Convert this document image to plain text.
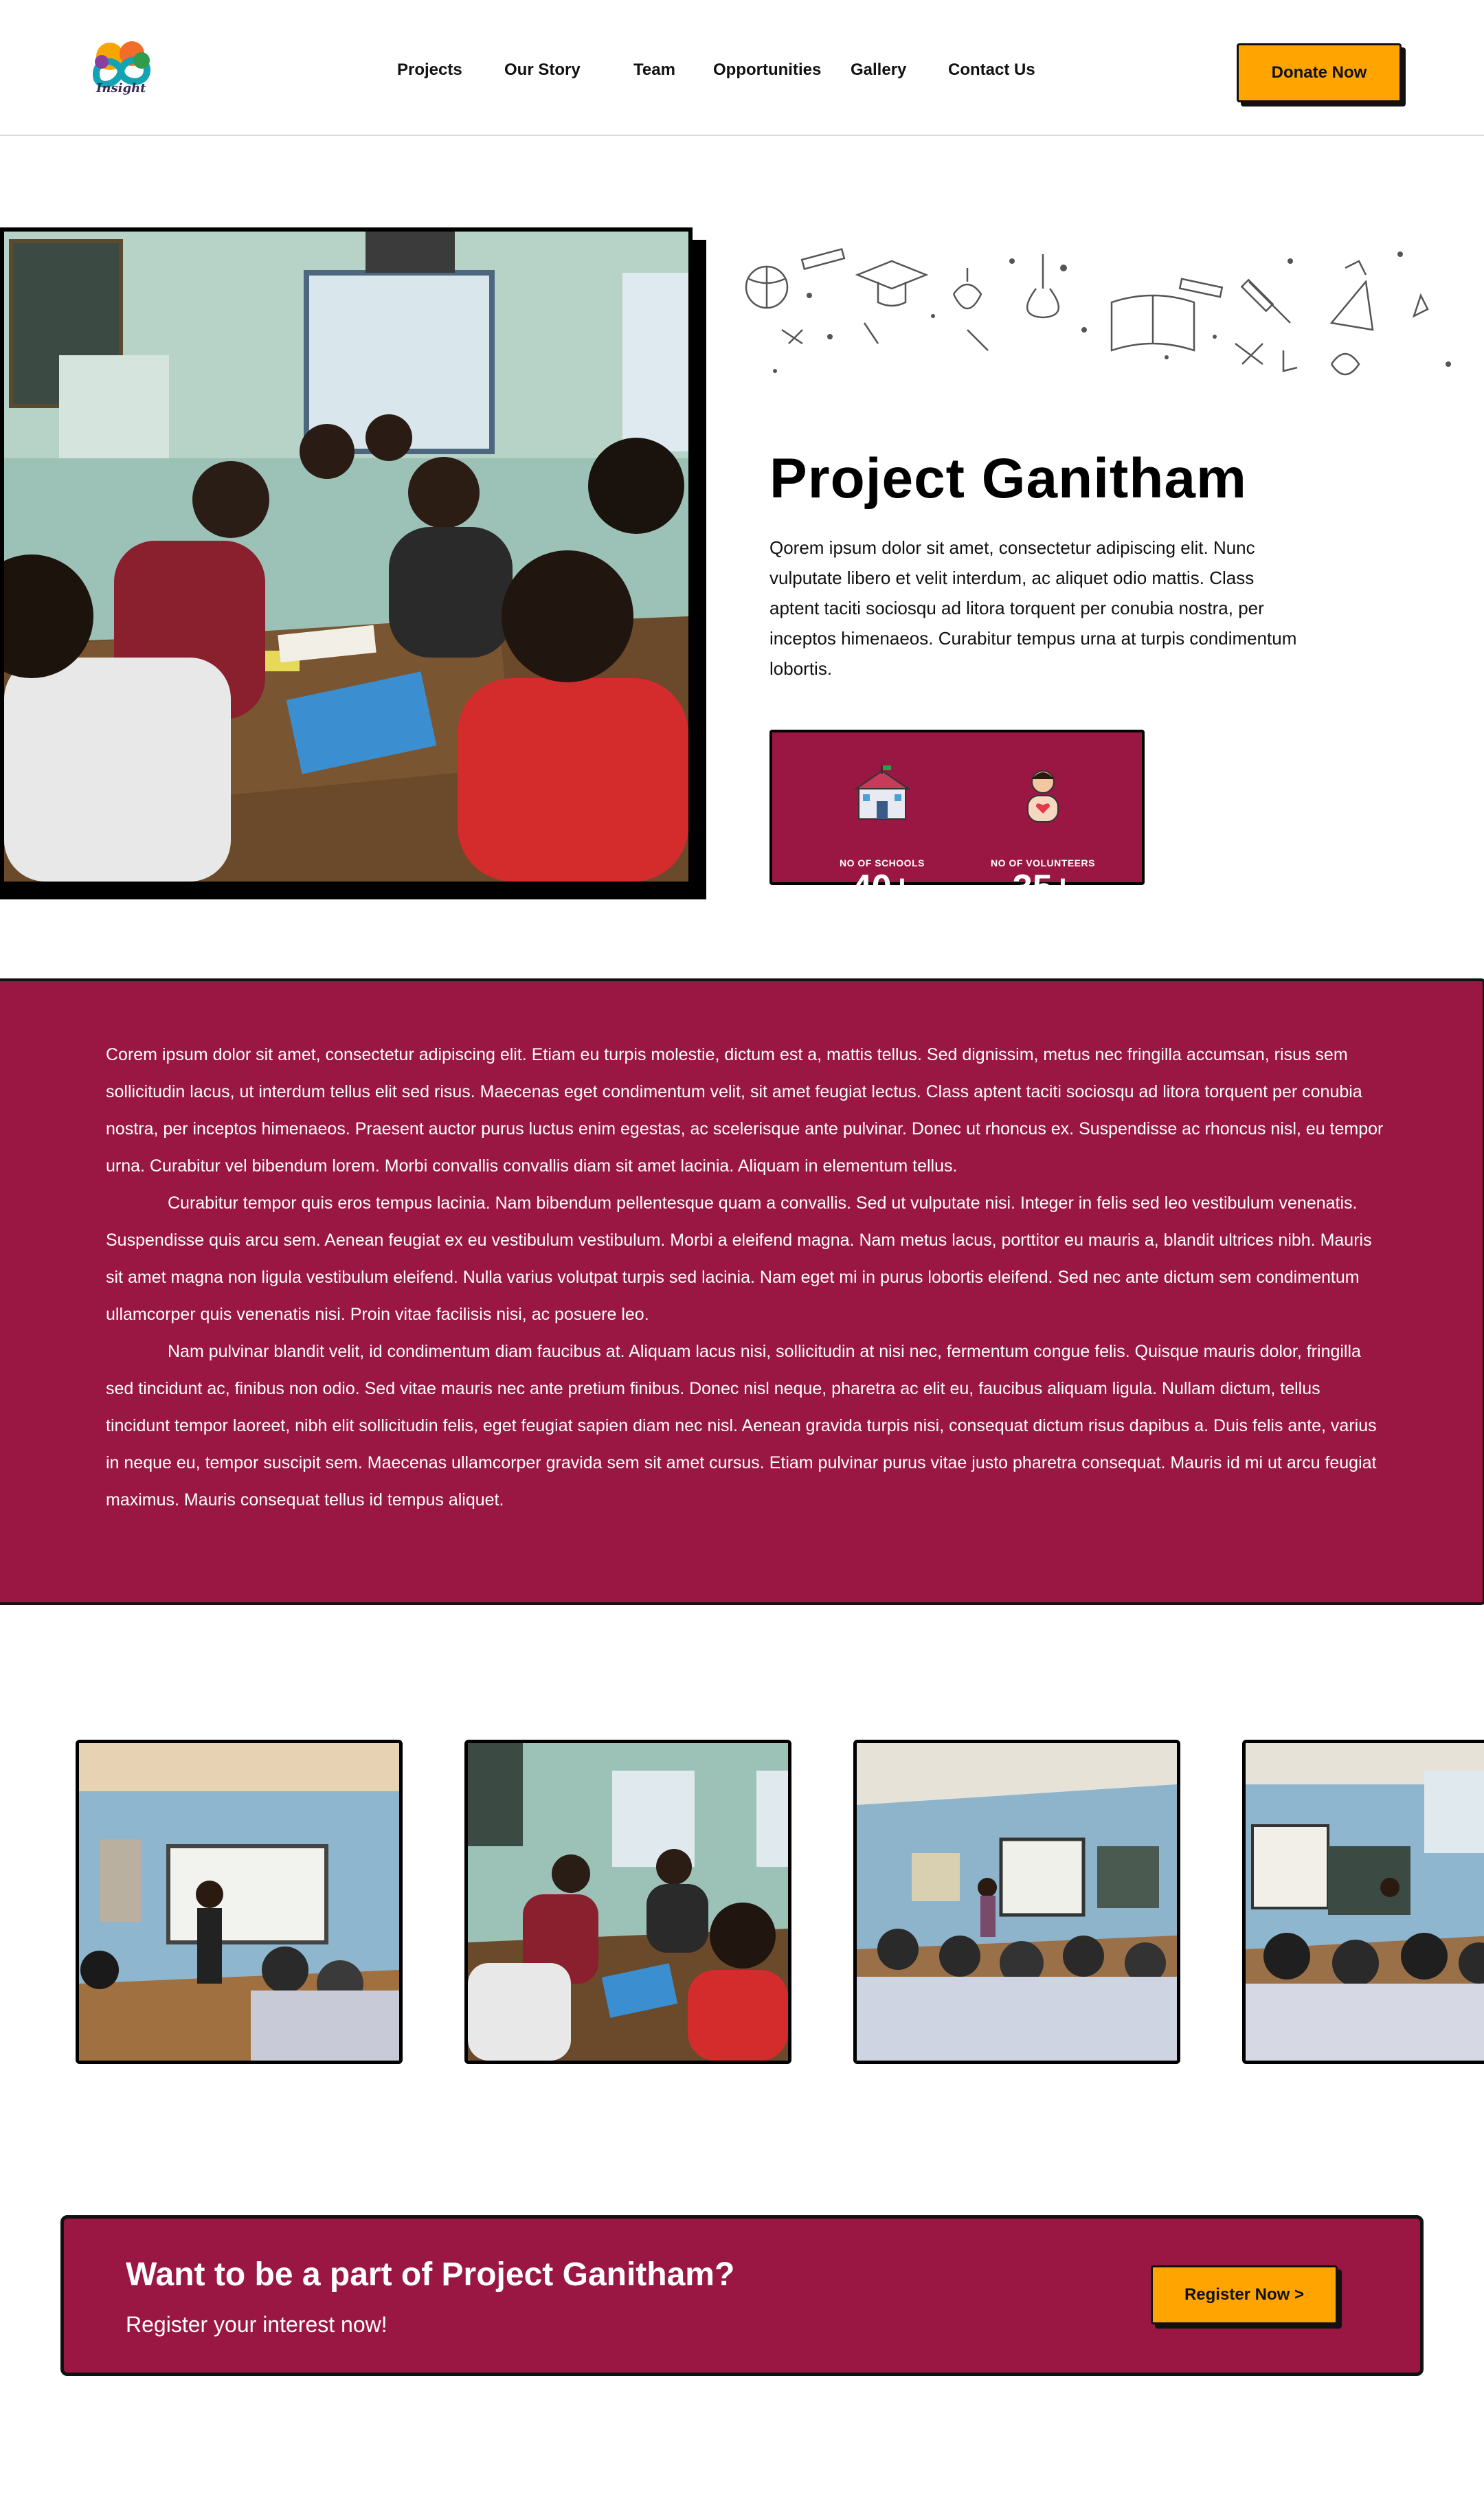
Insight
Projects	Our Story	Team Opportunities Gallery	Contact Us	Donate Now
Project Ganitham

Qorem ipsum dolor sit amet, consectetur adipiscing elit. Nunc vulputate libero et velit interdum, ac aliquet odio mattis. Class aptent taciti sociosqu ad litora torquent per conubia nostra, per inceptos himenaeos. Curabitur tempus urna at turpis condimentum lobortis.

NO OF SCHOOLS
40+
NO OF VOLUNTEERS
35+

Corem ipsum dolor sit amet, consectetur adipiscing elit. Etiam eu turpis molestie, dictum est a, mattis tellus. Sed dignissim, metus nec fringilla accumsan, risus sem sollicitudin lacus, ut interdum tellus elit sed risus. Maecenas eget condimentum velit, sit amet feugiat lectus. Class aptent taciti sociosqu ad litora torquent per conubia nostra, per inceptos himenaeos. Praesent auctor purus luctus enim egestas, ac scelerisque ante pulvinar. Donec ut rhoncus ex. Suspendisse ac rhoncus nisl, eu tempor urna. Curabitur vel bibendum lorem. Morbi convallis convallis diam sit amet lacinia. Aliquam in elementum tellus.

Curabitur tempor quis eros tempus lacinia. Nam bibendum pellentesque quam a convallis. Sed ut vulputate nisi. Integer in felis sed leo vestibulum venenatis. Suspendisse quis arcu sem. Aenean feugiat ex eu vestibulum vestibulum. Morbi a eleifend magna. Nam metus lacus, porttitor eu mauris a, blandit ultrices nibh. Mauris sit amet magna non ligula vestibulum eleifend. Nulla varius volutpat turpis sed lacinia. Nam eget mi in purus lobortis eleifend. Sed nec ante dictum sem condimentum ullamcorper quis venenatis nisi. Proin vitae facilisis nisi, ac posuere leo.

Nam pulvinar blandit velit, id condimentum diam faucibus at. Aliquam lacus nisi, sollicitudin at nisi nec, fermentum congue felis. Quisque mauris dolor, fringilla sed tincidunt ac, finibus non odio. Sed vitae mauris nec ante pretium finibus. Donec nisl neque, pharetra ac elit eu, faucibus aliquam ligula. Nullam dictum, tellus tincidunt tempor laoreet, nibh elit sollicitudin felis, eget feugiat sapien diam nec nisl. Aenean gravida turpis nisi, consequat dictum risus dapibus a. Duis felis ante, varius in neque eu, tempor suscipit sem. Maecenas ullamcorper gravida sem sit amet cursus. Etiam pulvinar purus vitae justo pharetra consequat. Mauris id mi ut arcu feugiat maximus. Mauris consequat tellus id tempus aliquet.

Want to be a part of Project Ganitham?
Register your interest now!
Register Now >
